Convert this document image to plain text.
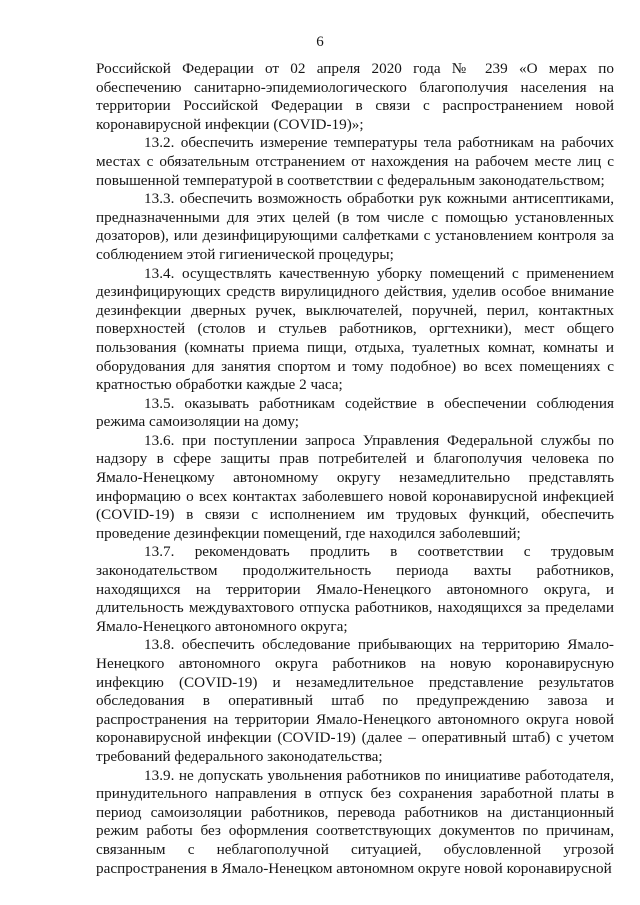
6

Российской Федерации от 02 апреля 2020 года № 239 «О мерах по обеспечению санитарно-эпидемиологического благополучия населения на территории Российской Федерации в связи с распространением новой коронавирусной инфекции (COVID-19)»;

13.2. обеспечить измерение температуры тела работникам на рабочих местах с обязательным отстранением от нахождения на рабочем месте лиц с повышенной температурой в соответствии с федеральным законодательством;

13.3. обеспечить возможность обработки рук кожными антисептиками, предназначенными для этих целей (в том числе с помощью установленных дозаторов), или дезинфицирующими салфетками с установлением контроля за соблюдением этой гигиенической процедуры;

13.4. осуществлять качественную уборку помещений с применением дезинфицирующих средств вирулицидного действия, уделив особое внимание дезинфекции дверных ручек, выключателей, поручней, перил, контактных поверхностей (столов и стульев работников, оргтехники), мест общего пользования (комнаты приема пищи, отдыха, туалетных комнат, комнаты и оборудования для занятия спортом и тому подобное) во всех помещениях с кратностью обработки каждые 2 часа;

13.5. оказывать работникам содействие в обеспечении соблюдения режима самоизоляции на дому;

13.6. при поступлении запроса Управления Федеральной службы по надзору в сфере защиты прав потребителей и благополучия человека по Ямало-Ненецкому автономному округу незамедлительно представлять информацию о всех контактах заболевшего новой коронавирусной инфекцией (COVID-19) в связи с исполнением им трудовых функций, обеспечить проведение дезинфекции помещений, где находился заболевший;

13.7. рекомендовать продлить в соответствии с трудовым законодательством продолжительность периода вахты работников, находящихся на территории Ямало-Ненецкого автономного округа, и длительность междувахтового отпуска работников, находящихся за пределами Ямало-Ненецкого автономного округа;

13.8. обеспечить обследование прибывающих на территорию Ямало-Ненецкого автономного округа работников на новую коронавирусную инфекцию (COVID-19) и незамедлительное представление результатов обследования в оперативный штаб по предупреждению завоза и распространения на территории Ямало-Ненецкого автономного округа новой коронавирусной инфекции (COVID-19) (далее – оперативный штаб) с учетом требований федерального законодательства;

13.9. не допускать увольнения работников по инициативе работодателя, принудительного направления в отпуск без сохранения заработной платы в период самоизоляции работников, перевода работников на дистанционный режим работы без оформления соответствующих документов по причинам, связанным с неблагополучной ситуацией, обусловленной угрозой распространения в Ямало-Ненецком автономном округе новой коронавирусной
